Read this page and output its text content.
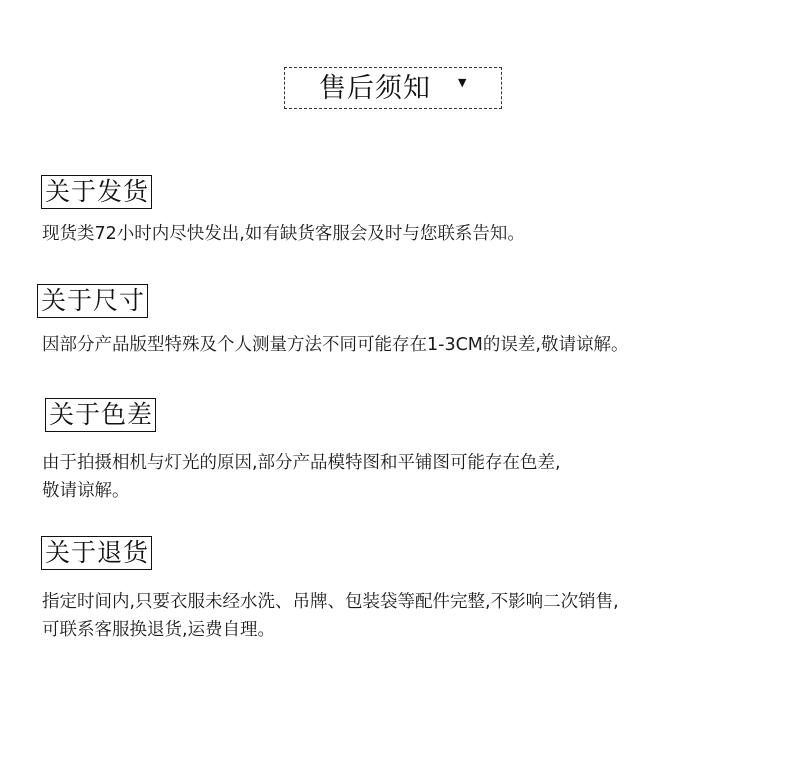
售后须知 ▼
关于发货
现货类72小时内尽快发出,如有缺货客服会及时与您联系告知。
关于尺寸
因部分产品版型特殊及个人测量方法不同可能存在1-3CM的误差,敬请谅解。
关于色差
由于拍摄相机与灯光的原因,部分产品模特图和平铺图可能存在色差,
敬请谅解。
关于退货
指定时间内,只要衣服未经水洗、吊牌、包装袋等配件完整,不影响二次销售,
可联系客服换退货,运费自理。
